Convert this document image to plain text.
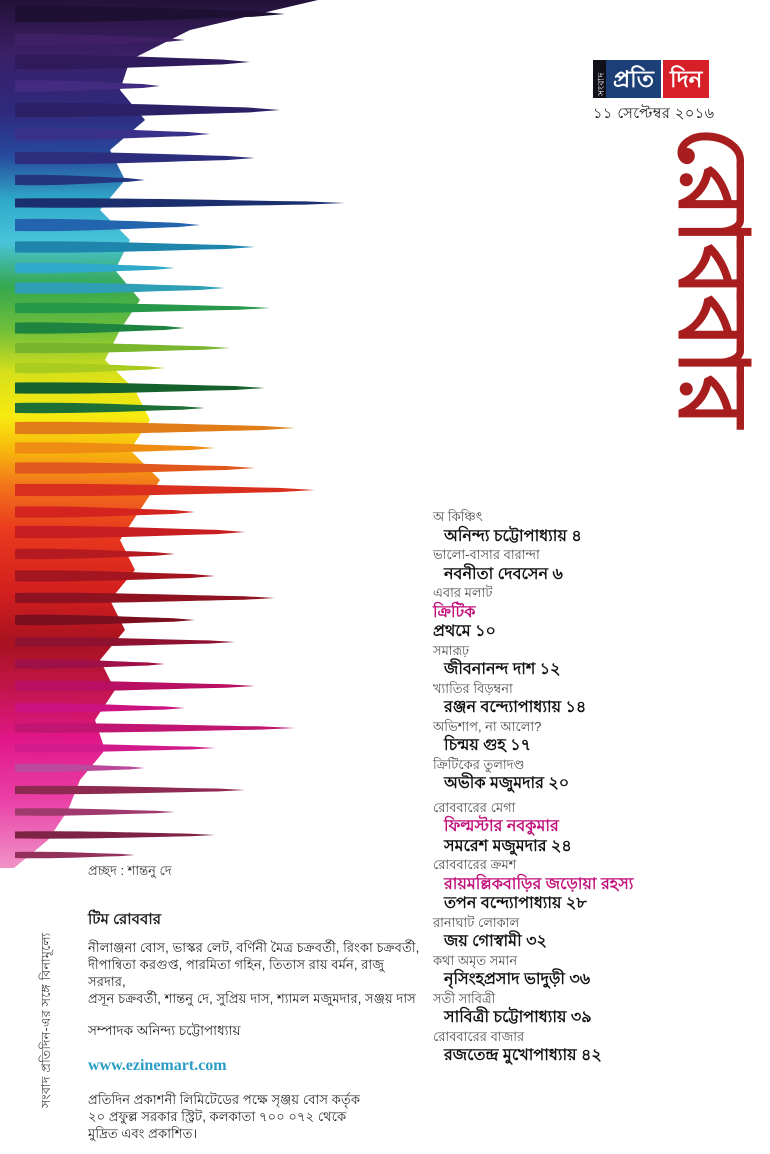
সংবাদ প্রতিদিন-এর সঙ্গে বিনামূল্যে
সংবাদ প্রতি দিন
১১ সেপ্টেম্বর ২০১৬
রোববার
অ কিঞ্চিৎ
অনিন্দ্য চট্টোপাধ্যায় ৪
ভালো-বাসার বারান্দা
নবনীতা দেবসেন ৬
এবার মলাট
ক্রিটিক
প্রথমে ১০
সমারূঢ়
জীবনানন্দ দাশ ১২
খ্যাতির বিড়ম্বনা
রঞ্জন বন্দ্যোপাধ্যায় ১৪
অভিশাপ, না আলো?
চিন্ময় গুহ ১৭
ক্রিটিকের তুলাদণ্ড
অভীক মজুমদার ২০
রোববারের মেগা
ফিল্মস্টার নবকুমার
সমরেশ মজুমদার ২৪
রোববারের ক্রমশ
রায়মল্লিকবাড়ির জড়োয়া রহস্য
তপন বন্দ্যোপাধ্যায় ২৮
রানাঘাট লোকাল
জয় গোস্বামী ৩২
কথা অমৃত সমান
নৃসিংহপ্রসাদ ভাদুড়ী ৩৬
সতী সাবিত্রী
সাবিত্রী চট্টোপাধ্যায় ৩৯
রোববারের বাজার
রজতেন্দ্র মুখোপাধ্যায় ৪২
প্রচ্ছদ : শান্তনু দে
টিম রোববার
নীলাঞ্জনা বোস, ভাস্কর লেট, বর্ণিনী মৈত্র চক্রবর্তী, রিংকা চক্রবর্তী,
দীপান্বিতা করগুপ্ত, পারমিতা গহিন, তিতাস রায় বর্মন, রাজু সরদার,
প্রসূন চক্রবর্তী, শান্তনু দে, সুপ্রিয় দাস, শ্যামল মজুমদার, সঞ্জয় দাস
সম্পাদক অনিন্দ্য চট্টোপাধ্যায়
www.ezinemart.com
প্রতিদিন প্রকাশনী লিমিটেডের পক্ষে সৃঞ্জয় বোস কর্তৃক
২০ প্রফুল্ল সরকার স্ট্রিট, কলকাতা ৭০০ ০৭২ থেকে
মুদ্রিত এবং প্রকাশিত।
